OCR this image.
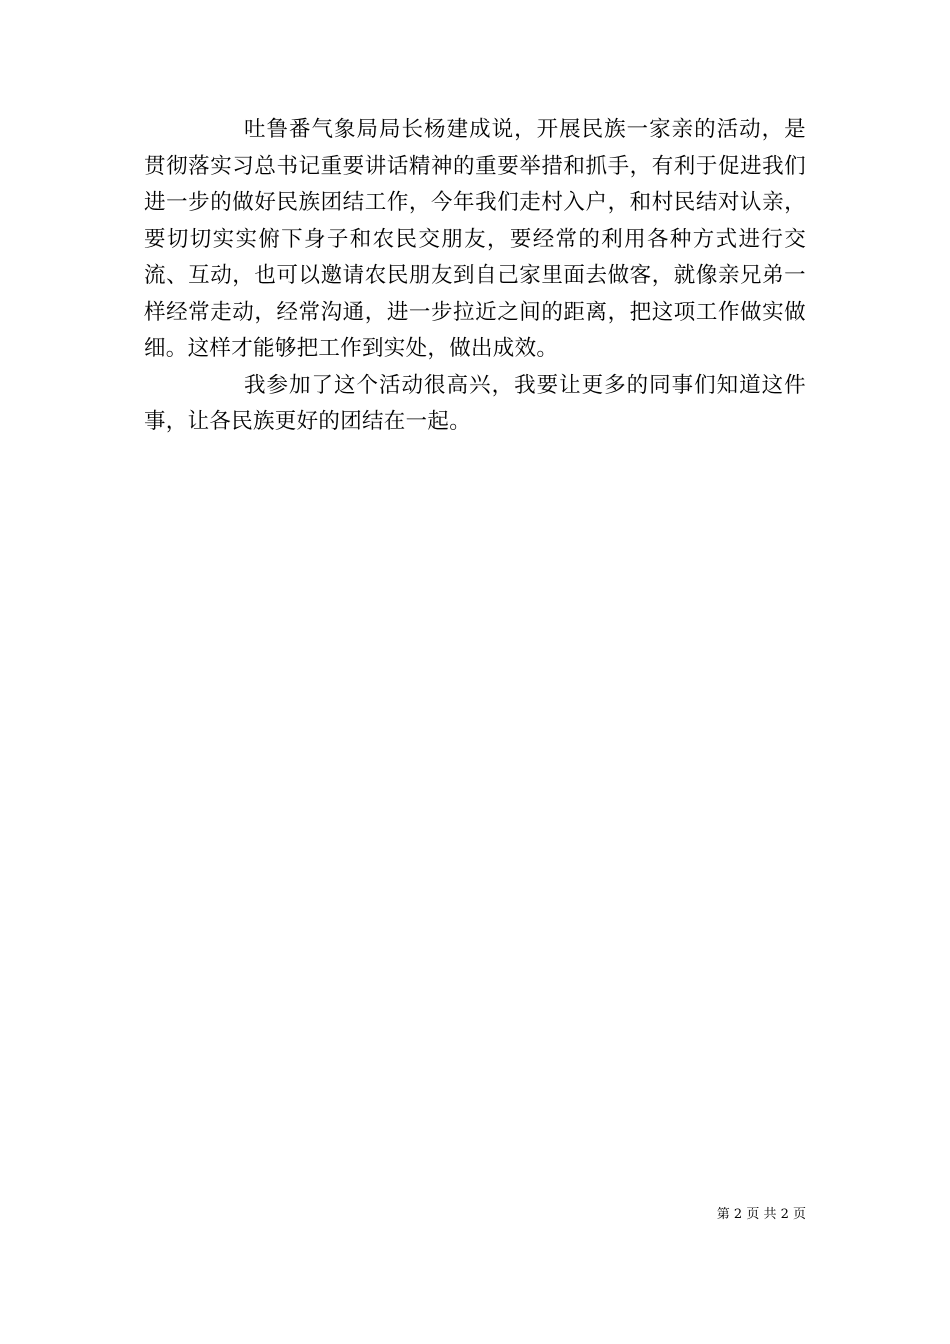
吐鲁番气象局局长杨建成说，开展民族一家亲的活动，是贯彻落实习总书记重要讲话精神的重要举措和抓手，有利于促进我们进一步的做好民族团结工作，今年我们走村入户，和村民结对认亲，要切切实实俯下身子和农民交朋友，要经常的利用各种方式进行交流、互动，也可以邀请农民朋友到自己家里面去做客，就像亲兄弟一样经常走动，经常沟通，进一步拉近之间的距离，把这项工作做实做细。这样才能够把工作到实处，做出成效。

我参加了这个活动很高兴，我要让更多的同事们知道这件事，让各民族更好的团结在一起。

第 2 页 共 2 页
